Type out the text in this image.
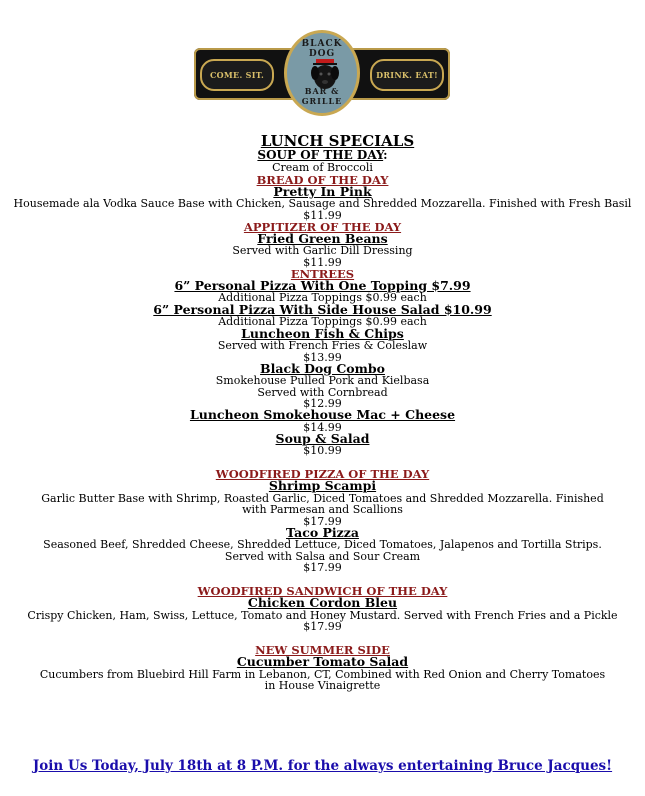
COME. SIT.	DRINK. EAT!
BLACK DOG
BAR & GRILLE
LUNCH SPECIALS
SOUP OF THE DAY:
Cream of Broccoli
BREAD OF THE DAY
Pretty In Pink
Housemade ala Vodka Sauce Base with Chicken, Sausage and Shredded Mozzarella. Finished with Fresh Basil
$11.99
APPITIZER OF THE DAY
Fried Green Beans
Served with Garlic Dill Dressing
$11.99
ENTREES
6” Personal Pizza With One Topping $7.99
Additional Pizza Toppings $0.99 each
6” Personal Pizza With Side House Salad $10.99
Additional Pizza Toppings $0.99 each
Luncheon Fish & Chips
Served with French Fries & Coleslaw
$13.99
Black Dog Combo
Smokehouse Pulled Pork and Kielbasa
Served with Cornbread
$12.99
Luncheon Smokehouse Mac + Cheese
$14.99
Soup & Salad
$10.99
WOODFIRED PIZZA OF THE DAY
Shrimp Scampi
Garlic Butter Base with Shrimp, Roasted Garlic, Diced Tomatoes and Shredded Mozzarella. Finished with Parmesan and Scallions
$17.99
Taco Pizza
Seasoned Beef, Shredded Cheese, Shredded Lettuce, Diced Tomatoes, Jalapenos and Tortilla Strips. Served with Salsa and Sour Cream
$17.99
WOODFIRED SANDWICH OF THE DAY
Chicken Cordon Bleu
Crispy Chicken, Ham, Swiss, Lettuce, Tomato and Honey Mustard. Served with French Fries and a Pickle
$17.99
NEW SUMMER SIDE
Cucumber Tomato Salad
Cucumbers from Bluebird Hill Farm in Lebanon, CT, Combined with Red Onion and Cherry Tomatoes in House Vinaigrette
Join Us Today, July 18th at 8 P.M. for the always entertaining Bruce Jacques!
